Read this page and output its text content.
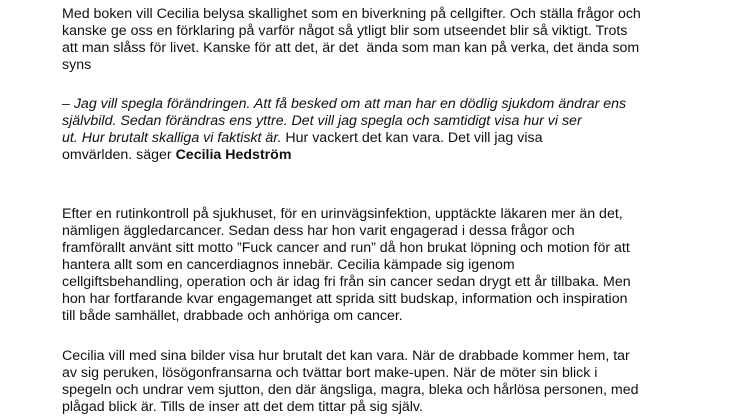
Med boken vill Cecilia belysa skallighet som en biverkning på cellgifter. Och ställa frågor och

kanske ge oss en förklaring på varför något så ytligt blir som utseendet blir så viktigt. Trots

att man slåss för livet. Kanske för att det, är det  ända som man kan på verka, det ända som

syns

– Jag vill spegla förändringen. Att få besked om att man har en dödlig sjukdom ändrar ens

självbild. Sedan förändras ens yttre. Det vill jag spegla och samtidigt visa hur vi ser

ut. Hur brutalt skalliga vi faktiskt är. Hur vackert det kan vara. Det vill jag visa

omvärlden. säger Cecilia Hedström

Efter en rutinkontroll på sjukhuset, för en urinvägsinfektion, upptäckte läkaren mer än det,

nämligen äggledarcancer. Sedan dess har hon varit engagerad i dessa frågor och

framförallt använt sitt motto ”Fuck cancer and run” då hon brukat löpning och motion för att

hantera allt som en cancerdiagnos innebär. Cecilia kämpade sig igenom

cellgiftsbehandling, operation och är idag fri från sin cancer sedan drygt ett år tillbaka. Men

hon har fortfarande kvar engagemanget att sprida sitt budskap, information och inspiration

till både samhället, drabbade och anhöriga om cancer.

Cecilia vill med sina bilder visa hur brutalt det kan vara. När de drabbade kommer hem, tar

av sig peruken, lösögonfransarna och tvättar bort make-upen. När de möter sin blick i

spegeln och undrar vem sjutton, den där ängsliga, magra, bleka och hårlösa personen, med

plågad blick är. Tills de inser att det dem tittar på sig själv.
